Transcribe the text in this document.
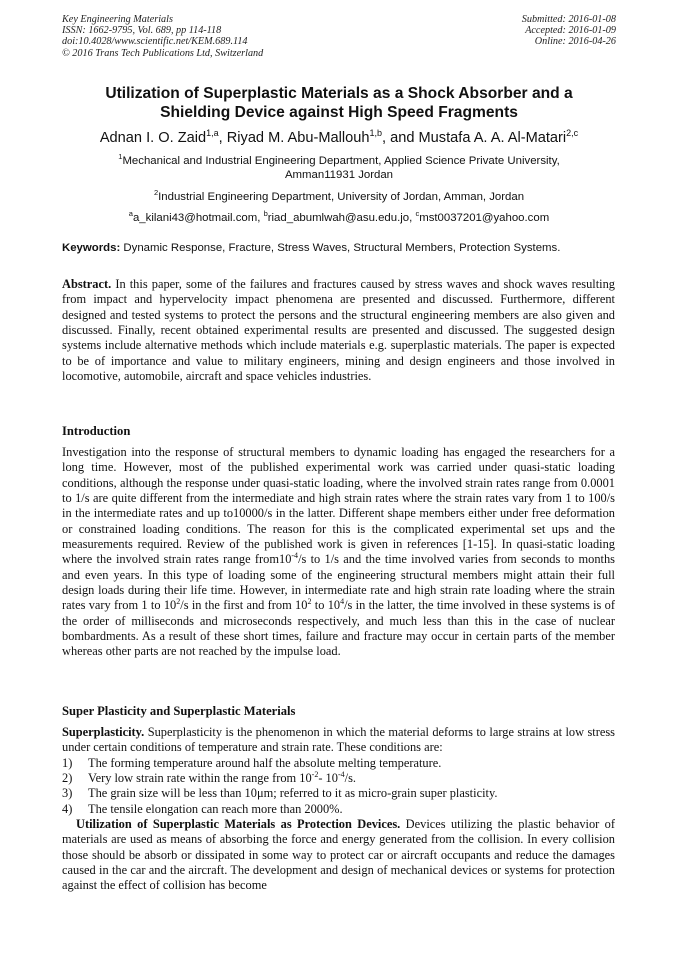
Key Engineering Materials
ISSN: 1662-9795, Vol. 689, pp 114-118
doi:10.4028/www.scientific.net/KEM.689.114
© 2016 Trans Tech Publications Ltd, Switzerland
Submitted: 2016-01-08
Accepted: 2016-01-09
Online: 2016-04-26
Utilization of Superplastic Materials as a Shock Absorber and a
Shielding Device against High Speed Fragments
Adnan I. O. Zaid$^{1,a}$, Riyad M. Abu-Mallouh$^{1,b}$, and Mustafa A. A. Al-Matari$^{2,c}$
$^1$Mechanical and Industrial Engineering Department, Applied Science Private University,
Amman11931 Jordan
$^2$Industrial Engineering Department, University of Jordan, Amman, Jordan
$^a$a_kilani43@hotmail.com, $^b$riad_abumlwah@asu.edu.jo, $^c$mst0037201@yahoo.com
Keywords: Dynamic Response, Fracture, Stress Waves, Structural Members, Protection Systems.
Abstract. In this paper, some of the failures and fractures caused by stress waves and shock waves resulting from impact and hypervelocity impact phenomena are presented and discussed. Furthermore, different designed and tested systems to protect the persons and the structural engineering members are also given and discussed. Finally, recent obtained experimental results are presented and discussed. The suggested design systems include alternative methods which include materials e.g. superplastic materials. The paper is expected to be of importance and value to military engineers, mining and design engineers and those involved in locomotive, automobile, aircraft and space vehicles industries.
Introduction
Investigation into the response of structural members to dynamic loading has engaged the researchers for a long time. However, most of the published experimental work was carried under quasi-static loading conditions, although the response under quasi-static loading, where the involved strain rates range from 0.0001 to 1/s are quite different from the intermediate and high strain rates where the strain rates vary from 1 to 100/s in the intermediate rates and up to10000/s in the latter. Different shape members either under free deformation or constrained loading conditions. The reason for this is the complicated experimental set ups and the measurements required. Review of the published work is given in references [1-15]. In quasi-static loading where the involved strain rates range $from10^{-4}/s$ to 1/s and the time involved varies from seconds to months and even years. In this type of loading some of the engineering structural members might attain their full design loads during their life time. However, in intermediate rate and high strain rate loading where the strain rates vary from 1 to $10^2/s$ in the first and from $10^2$ to $10^4/s$ in the latter, the time involved in these systems is of the order of milliseconds and microseconds respectively, and much less than this in the case of nuclear bombardments. As a result of these short times, failure and fracture may occur in certain parts of the member whereas other parts are not reached by the impulse load.
Super Plasticity and Superplastic Materials
Superplasticity. Superplasticity is the phenomenon in which the material deforms to large strains at low stress under certain conditions of temperature and strain rate. These conditions are:
1)	The forming temperature around half the absolute melting temperature.
2)	Very low strain rate within the range from $10^{-2}-$ $10^{-4}/s$.
3)	The grain size will be less than 10μm; referred to it as micro-grain super plasticity.
4)	The tensile elongation can reach more than 2000%.
Utilization of Superplastic Materials as Protection Devices. Devices utilizing the plastic behavior of materials are used as means of absorbing the force and energy generated from the collision. In every collision those should be absorb or dissipated in some way to protect car or aircraft occupants and reduce the damages caused in the car and the aircraft. The development and design of mechanical devices or systems for protection against the effect of collision has become
